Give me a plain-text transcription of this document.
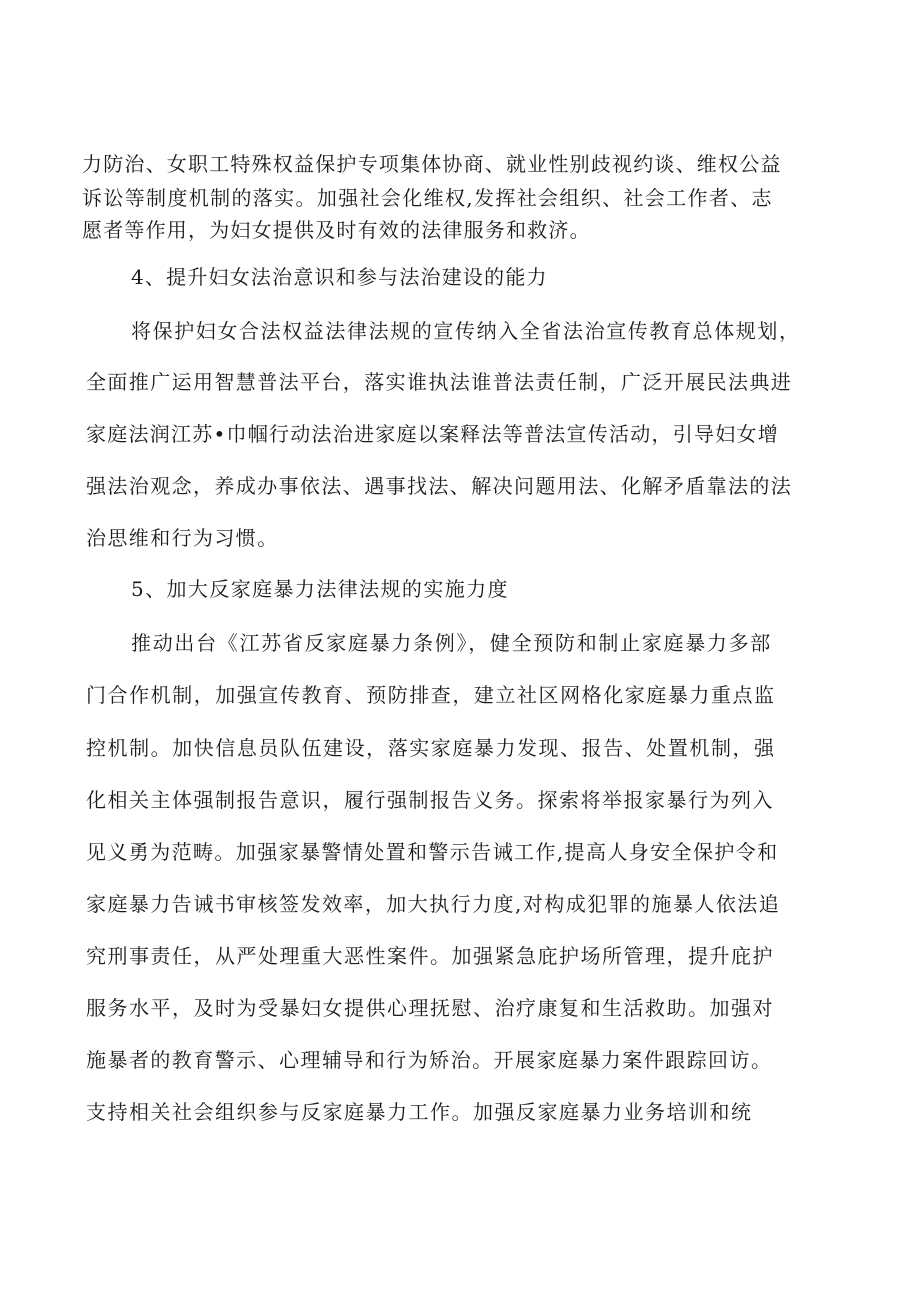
力防治、女职工特殊权益保护专项集体协商、就业性别歧视约谈、维权公益
诉讼等制度机制的落实。加强社会化维权,发挥社会组织、社会工作者、志
愿者等作用，为妇女提供及时有效的法律服务和救济。
4、提升妇女法治意识和参与法治建设的能力
将保护妇女合法权益法律法规的宣传纳入全省法治宣传教育总体规划，
全面推广运用智慧普法平台，落实谁执法谁普法责任制，广泛开展民法典进
家庭法润江苏•巾帼行动法治进家庭以案释法等普法宣传活动，引导妇女增
强法治观念，养成办事依法、遇事找法、解决问题用法、化解矛盾靠法的法
治思维和行为习惯。
5、加大反家庭暴力法律法规的实施力度
推动出台《江苏省反家庭暴力条例》，健全预防和制止家庭暴力多部
门合作机制，加强宣传教育、预防排查，建立社区网格化家庭暴力重点监
控机制。加快信息员队伍建设，落实家庭暴力发现、报告、处置机制，强
化相关主体强制报告意识，履行强制报告义务。探索将举报家暴行为列入
见义勇为范畴。加强家暴警情处置和警示告诫工作,提高人身安全保护令和
家庭暴力告诫书审核签发效率，加大执行力度,对构成犯罪的施暴人依法追
究刑事责任，从严处理重大恶性案件。加强紧急庇护场所管理，提升庇护
服务水平，及时为受暴妇女提供心理抚慰、治疗康复和生活救助。加强对
施暴者的教育警示、心理辅导和行为矫治。开展家庭暴力案件跟踪回访。
支持相关社会组织参与反家庭暴力工作。加强反家庭暴力业务培训和统
